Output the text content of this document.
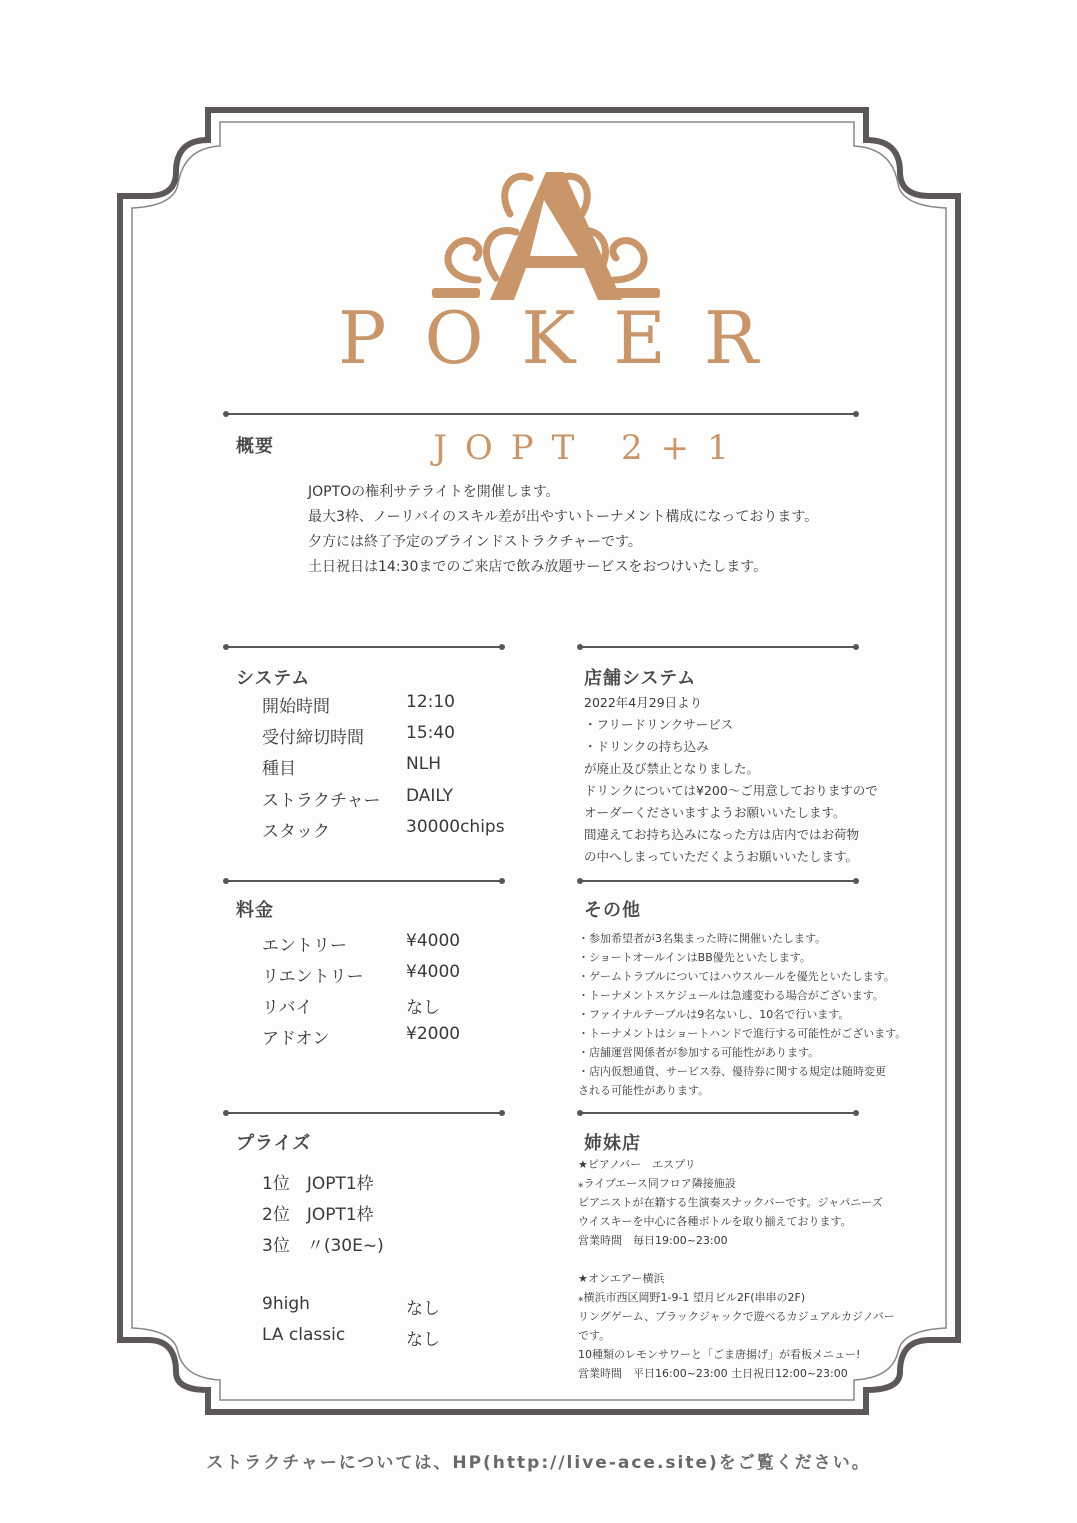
POKER
概要	JOPT 2+1
JOPTOの権利サテライトを開催します。
最大3枠、ノーリバイのスキル差が出やすいトーナメント構成になっております。
夕方には終了予定のブラインドストラクチャーです。
土日祝日は14:30までのご来店で飲み放題サービスをおつけいたします。
システム
開始時間	12:10
受付締切時間 15:40
種目	NLH
ストラクチャー DAILY
スタック	30000chips
店舗システム
2022年4月29日より
・フリードリンクサービス
・ドリンクの持ち込み
が廃止及び禁止となりました。
ドリンクについては¥200〜ご用意しておりますので
オーダーくださいますようお願いいたします。
間違えてお持ち込みになった方は店内ではお荷物
の中へしまっていただくようお願いいたします。
料金
エントリー	¥4000
リエントリー ¥4000
リバイ	なし
アドオン	¥2000
その他
・参加希望者が3名集まった時に開催いたします。
・ショートオールインはBB優先といたします。
・ゲームトラブルについてはハウスルールを優先といたします。
・トーナメントスケジュールは急遽変わる場合がございます。
・ファイナルテーブルは9名ないし、10名で行います。
・トーナメントはショートハンドで進行する可能性がございます。
・店舗運営関係者が参加する可能性があります。
・店内仮想通貨、サービス券、優待券に関する規定は随時変更
される可能性があります。
プライズ
1位　JOPT1枠
2位　JOPT1枠
3位　〃(30E~)
9high	なし
LA classic	なし
姉妹店
★ピアノバー　エスプリ
⁎ライブエース同フロア隣接施設
ピアニストが在籍する生演奏スナックバーです。ジャパニーズ
ウイスキーを中心に各種ボトルを取り揃えております。
営業時間　毎日19:00~23:00
★オンエアー横浜
⁎横浜市西区岡野1-9-1 望月ビル2F(串串の2F)
リングゲーム、ブラックジャックで遊べるカジュアルカジノバー
です。
10種類のレモンサワーと「ごま唐揚げ」が看板メニュー!
営業時間　平日16:00~23:00 土日祝日12:00~23:00
ストラクチャーについては、HP(http://live-ace.site)をご覧ください。
